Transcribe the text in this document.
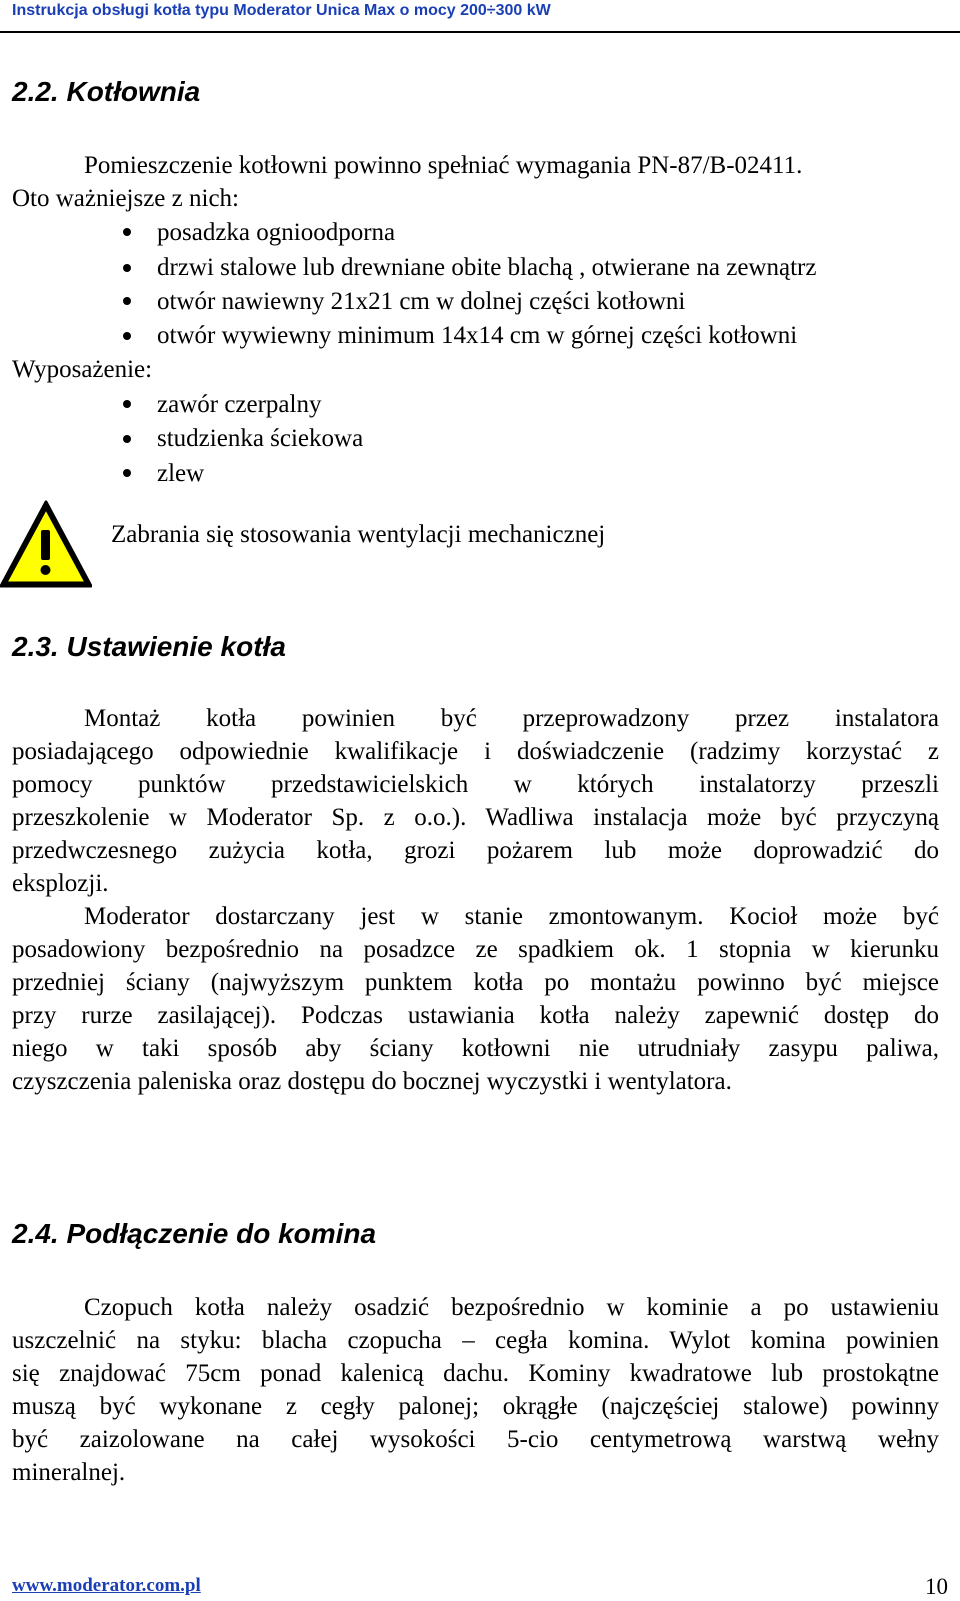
Instrukcja obsługi kotła typu Moderator Unica Max o mocy 200÷300 kW
2.2. Kotłownia
Pomieszczenie kotłowni powinno spełniać wymagania PN-87/B-02411.
Oto ważniejsze z nich:
posadzka ognioodporna
drzwi stalowe lub drewniane obite blachą , otwierane na zewnątrz
otwór nawiewny 21x21 cm w dolnej części kotłowni
otwór wywiewny minimum 14x14 cm w górnej części kotłowni
Wyposażenie:
zawór czerpalny
studzienka ściekowa
zlew
Zabrania się stosowania wentylacji mechanicznej
2.3. Ustawienie kotła
Montaż kotła powinien być przeprowadzony przez instalatora
posiadającego odpowiednie kwalifikacje i doświadczenie (radzimy korzystać z
pomocy punktów przedstawicielskich w których instalatorzy przeszli
przeszkolenie w Moderator Sp. z o.o.). Wadliwa instalacja może być przyczyną
przedwczesnego zużycia kotła, grozi pożarem lub może doprowadzić do
eksplozji.
Moderator dostarczany jest w stanie zmontowanym. Kocioł może być
posadowiony bezpośrednio na posadzce ze spadkiem ok. 1 stopnia w kierunku
przedniej ściany (najwyższym punktem kotła po montażu powinno być miejsce
przy rurze zasilającej). Podczas ustawiania kotła należy zapewnić dostęp do
niego w taki sposób aby ściany kotłowni nie utrudniały zasypu paliwa,
czyszczenia paleniska oraz dostępu do bocznej wyczystki i wentylatora.
2.4. Podłączenie do komina
Czopuch kotła należy osadzić bezpośrednio w kominie a po ustawieniu
uszczelnić na styku: blacha czopucha – cegła komina. Wylot komina powinien
się znajdować 75cm ponad kalenicą dachu. Kominy kwadratowe lub prostokątne
muszą być wykonane z cegły palonej; okrągłe (najczęściej stalowe) powinny
być zaizolowane na całej wysokości 5-cio centymetrową warstwą wełny
mineralnej.
www.moderator.com.pl	10
